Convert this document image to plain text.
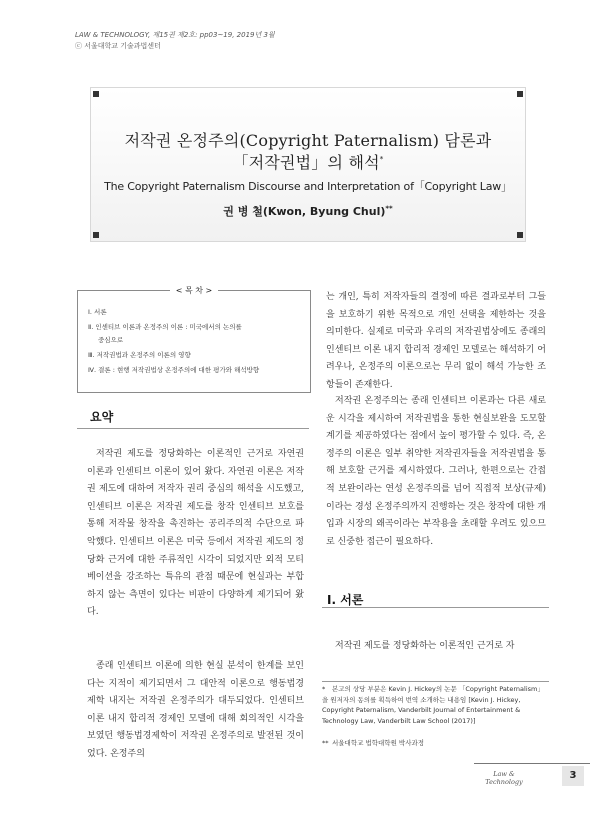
LAW & TECHNOLOGY, 제15권 제2호: pp03~19, 2019년 3월
ⓒ 서울대학교 기술과법센터
저작권 온정주의(Copyright Paternalism) 담론과
「저작권법」의 해석*
The Copyright Paternalism Discourse and Interpretation of「Copyright Law」
권 병 철(Kwon, Byung Chul)**
< 목 차 >
Ⅰ. 서론
Ⅱ. 인센티브 이론과 온정주의 이론 : 미국에서의 논의를
중심으로
Ⅲ. 저작권법과 온정주의 이론의 영향
Ⅳ. 결론 : 현행 저작권법상 온정주의에 대한 평가와 해석방향
요약

저작권 제도를 정당화하는 이론적인 근거로 자연권 이론과 인센티브 이론이 있어 왔다. 자연권 이론은 저작권 제도에 대하여 저작자 권리 중심의 해석을 시도했고, 인센티브 이론은 저작권 제도를 창작 인센티브 보호를 통해 저작물 창작을 촉진하는 공리주의적 수단으로 파악했다. 인센티브 이론은 미국 등에서 저작권 제도의 정당화 근거에 대한 주류적인 시각이 되었지만 외적 모티베이션을 강조하는 특유의 관점 때문에 현실과는 부합하지 않는 측면이 있다는 비판이 다양하게 제기되어 왔다.

종래 인센티브 이론에 의한 현실 분석이 한계를 보인다는 지적이 제기되면서 그 대안적 이론으로 행동법경제학 내지는 저작권 온정주의가 대두되었다. 인센티브 이론 내지 합리적 경제인 모델에 대해 회의적인 시각을 보였던 행동법경제학이 저작권 온정주의로 발전된 것이었다. 온정주의

는 개인, 특히 저작자들의 결정에 따른 결과로부터 그들을 보호하기 위한 목적으로 개인 선택을 제한하는 것을 의미한다. 실제로 미국과 우리의 저작권법상에도 종래의 인센티브 이론 내지 합리적 경제인 모델로는 해석하기 어려우나, 온정주의 이론으로는 무리 없이 해석 가능한 조항들이 존재한다.

저작권 온정주의는 종래 인센티브 이론과는 다른 새로운 시각을 제시하여 저작권법을 통한 현실보완을 도모할 계기를 제공하였다는 점에서 높이 평가할 수 있다. 즉, 온정주의 이론은 일부 취약한 저작권자들을 저작권법을 통해 보호할 근거를 제시하였다. 그러나, 한편으로는 간접적 보완이라는 연성 온정주의를 넘어 직접적 보상(규제)이라는 경성 온정주의까지 진행하는 것은 창작에 대한 개입과 시장의 왜곡이라는 부작용을 초래할 우려도 있으므로 신중한 접근이 필요하다.

Ⅰ. 서론

저작권 제도를 정당화하는 이론적인 근거로 자

* 본고의 상당 부분은 Kevin J. Hickey의 논문 「Copyright Paternalism」을 원저자의 동의를 획득하여 번역 소개하는 내용임 [Kevin J. Hickey, Copyright Paternalism, Vanderbilt Journal of Entertainment & Technology Law, Vanderbilt Law School (2017)]

** 서울대학교 법학대학원 박사과정

Law & Technology
3
